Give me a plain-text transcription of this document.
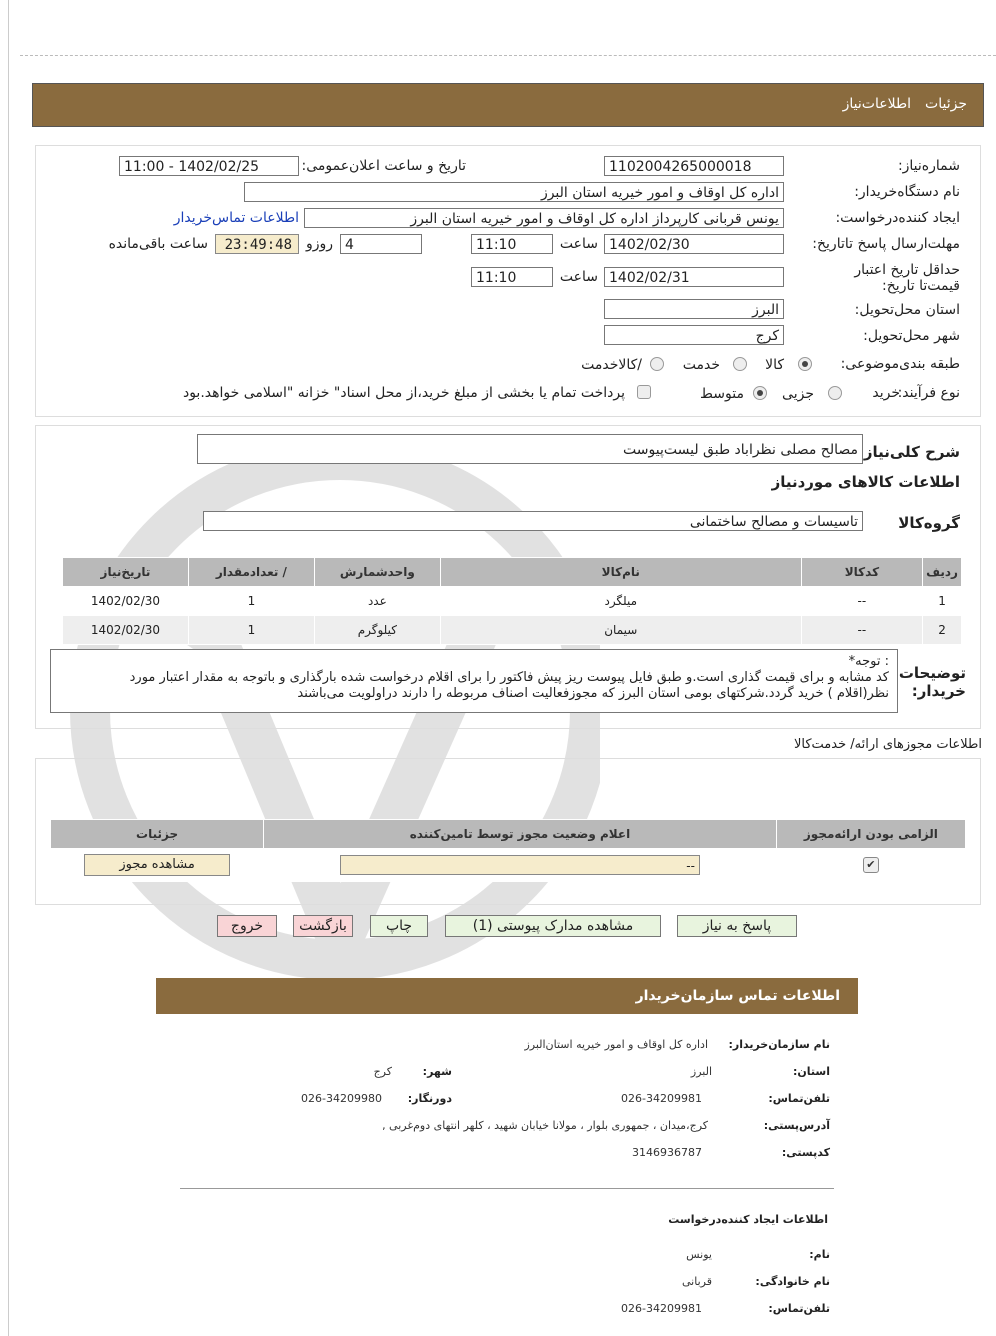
جزئیات
اطلاعات‌نیاز
شماره‌نیاز:
1102004265000018
تاریخ و ساعت اعلان‌عمومی:
1402/02/25 - 11:00
نام دستگاه‌خریدار:
اداره کل اوقاف و امور خیریه استان البرز
ایجاد کننده‌درخواست:
یونس قربانی کارپرداز اداره کل اوقاف و امور خیریه استان البرز
اطلاعات تماس‌خریدار
مهلت‌ارسال پاسخ تا‌تاریخ:
1402/02/30
ساعت
11:10
4
روزو
23:49:48
ساعت باقی‌مانده
حداقل تاریخ اعتبار قیمت‌تا تاریخ:
1402/02/31
ساعت
11:10
استان محل‌تحویل:
البرز
شهر محل‌تحویل:
کرج
طبقه بندی‌موضوعی:
کالا
خدمت
/کالا‌خدمت
نوع فرآیند:
خرید
جزیی
متوسط
پرداخت تمام یا بخشی از مبلغ خرید،از محل اسناد" خزانه "اسلامی خواهد.بود
شرح کلی‌نیاز
مصالح مصلی نظراباد طبق لیست‌پیوست
اطلاعات کالاهای موردنیاز
گروه‌کالا
تاسیسات و مصالح ساختمانی
ردیف	کدکالا	نام‌کالا	واحد‌شمارش	/ تعداد‌مقدار	تاریخ‌نیاز
1	--	میلگرد	عدد	1	1402/02/30
2	--	سیمان	کیلوگرم	1	1402/02/30
توضیحات خریدار:
: توجه*
کد مشابه و برای قیمت گذاری است.و طبق فایل پیوست ریز پیش فاکتور را برای اقلام درخواست شده بارگذاری و باتوجه به مقدار اعتبار مورد
نظر(اقلام ) خرید گردد.شرکتهای بومی استان البرز که مجوزفعالیت اصناف مربوطه را دارند دراولویت می‌باشند
اطلاعات مجوزهای ارائه/ خدمت‌کالا
الزامی بودن ارائه‌مجوز	اعلام وضعیت مجوز توسط تامین‌کننده	جزئیات
✔	--	مشاهده مجوز
پاسخ به نیاز
مشاهده مدارک پیوستی (1)
چاپ
بازگشت
خروج
اطلاعات تماس سازمان‌خریدار
نام سازمان‌خریدار:
اداره کل اوقاف و امور خیریه استان‌البرز
استان:
البرز
شهر:
کرج
تلفن‌تماس:
026-34209981
دورنگار:
026-34209980
آدرس‌پستی:
کرج،میدان ، جمهوری بلوار ، مولانا خیابان شهید ، کلهر انتهای دوم‌غربی ,
کد‌پستی:
3146936787
اطلاعات ایجاد کننده‌درخواست
نام:
یونس
نام خانوادگی:
قربانی
تلفن‌تماس:
026-34209981
